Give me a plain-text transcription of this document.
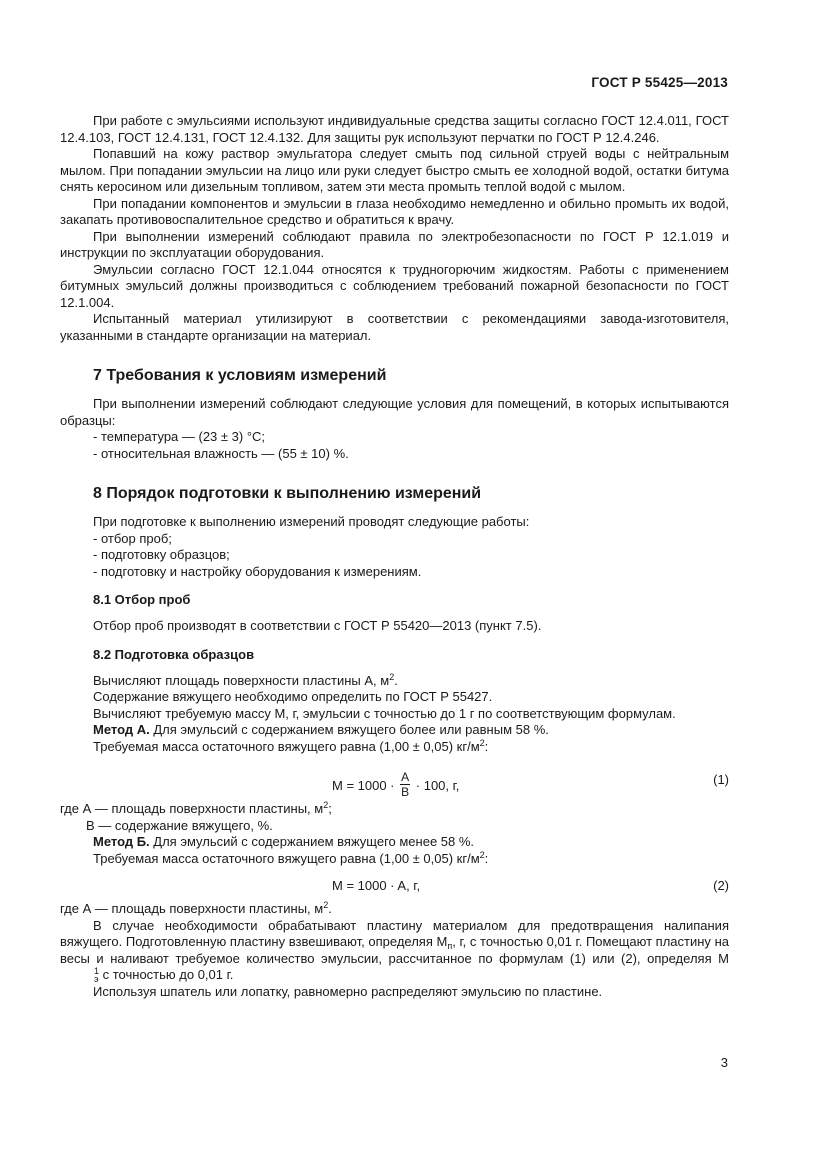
ГОСТ Р 55425—2013

При работе с эмульсиями используют индивидуальные средства защиты согласно ГОСТ 12.4.011, ГОСТ 12.4.103, ГОСТ 12.4.131, ГОСТ 12.4.132. Для защиты рук используют перчатки по ГОСТ Р 12.4.246.

Попавший на кожу раствор эмульгатора следует смыть под сильной струей воды с нейтральным мылом. При попадании эмульсии на лицо или руки следует быстро смыть ее холодной водой, остатки битума снять керосином или дизельным топливом, затем эти места промыть теплой водой с мылом.

При попадании компонентов и эмульсии в глаза необходимо немедленно и обильно промыть их водой, закапать противовоспалительное средство и обратиться к врачу.

При выполнении измерений соблюдают правила по электробезопасности по ГОСТ Р 12.1.019 и инструкции по эксплуатации оборудования.

Эмульсии согласно ГОСТ 12.1.044 относятся к трудногорючим жидкостям. Работы с применением битумных эмульсий должны производиться с соблюдением требований пожарной безопасности по ГОСТ 12.1.004.

Испытанный материал утилизируют в соответствии с рекомендациями завода-изготовителя, указанными в стандарте организации на материал.

7 Требования к условиям измерений

При выполнении измерений соблюдают следующие условия для помещений, в которых испытываются образцы:

- температура — (23 ± 3) °С;

- относительная влажность — (55 ± 10) %.

8 Порядок подготовки к выполнению измерений

При подготовке к выполнению измерений проводят следующие работы:

- отбор проб;

- подготовку образцов;

- подготовку и настройку оборудования к измерениям.

8.1 Отбор проб

Отбор проб производят в соответствии с ГОСТ Р 55420—2013 (пункт 7.5).

8.2 Подготовка образцов

Вычисляют площадь поверхности пластины А, $м^2$.

Содержание вяжущего необходимо определить по ГОСТ Р 55427.

Вычисляют требуемую массу М, г, эмульсии с точностью до 1 г по соответствующим формулам.

Метод А. Для эмульсий с содержанием вяжущего более или равным 58 %.

Требуемая масса остаточного вяжущего равна (1,00 ± 0,05) $кг/м^2$:

$M = 1000 \cdot \frac{A}{B} \cdot 100$, г,	(1)

где А — площадь поверхности пластины, $м^2$;

В — содержание вяжущего, %.

Метод Б. Для эмульсий с содержанием вяжущего менее 58 %.

Требуемая масса остаточного вяжущего равна (1,00 ± 0,05) $кг/м^2$:

M = 1000 · A, г,	(2)

где А — площадь поверхности пластины, $м^2$.

В случае необходимости обрабатывают пластину материалом для предотвращения налипания вяжущего. Подготовленную пластину взвешивают, определяя $М_п$, г, с точностью 0,01 г. Помещают пластину на весы и наливают требуемое количество эмульсии, рассчитанное по формулам (1) или (2), определяя М
1
э с точностью до 0,01 г.

Используя шпатель или лопатку, равномерно распределяют эмульсию по пластине.

3
